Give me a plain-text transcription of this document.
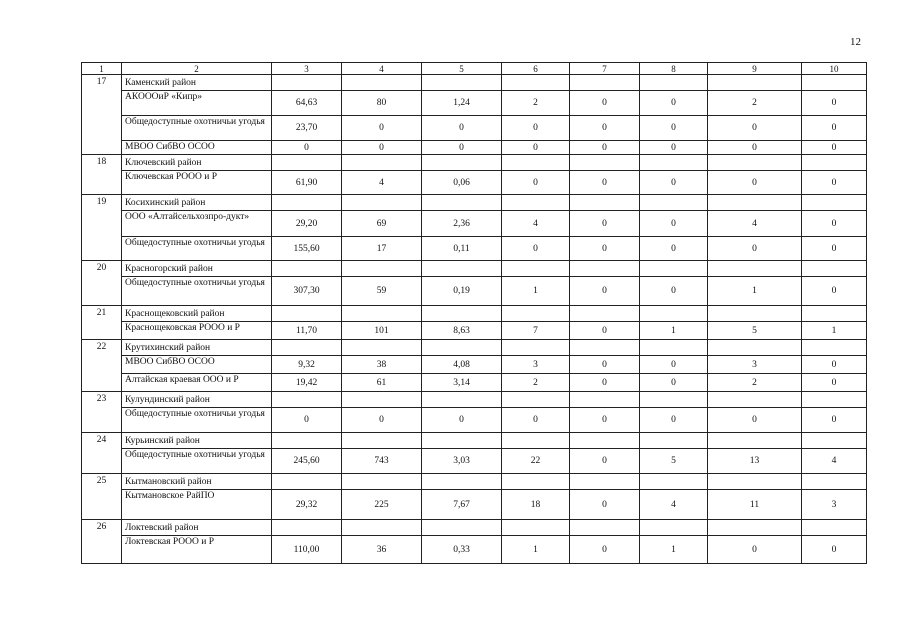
12
1	2	3	4	5	6	7	8	9	10
17	Каменский район								
	АКОООиР «Кипр»	64,63	80	1,24	2	0	0	2	0
	Общедоступные охотничьи угодья	23,70	0	0	0	0	0	0	0
	МВОО СибВО ОСОО	0	0	0	0	0	0	0	0
18	Ключевский район								
	Ключевская РООО и Р	61,90	4	0,06	0	0	0	0	0
19	Косихинский район								
	ООО «Алтайсельхозпро-дукт»	29,20	69	2,36	4	0	0	4	0
	Общедоступные охотничьи угодья	155,60	17	0,11	0	0	0	0	0
20	Красногорский район								
	Общедоступные охотничьи угодья	307,30	59	0,19	1	0	0	1	0
21	Краснощековский район								
	Краснощековская РООО и Р	11,70	101	8,63	7	0	1	5	1
22	Крутихинский район								
	МВОО СибВО ОСОО	9,32	38	4,08	3	0	0	3	0
	Алтайская краевая ООО и Р	19,42	61	3,14	2	0	0	2	0
23	Кулундинский район								
	Общедоступные охотничьи угодья	0	0	0	0	0	0	0	0
24	Курьинский район								
	Общедоступные охотничьи угодья	245,60	743	3,03	22	0	5	13	4
25	Кытмановский район								
	Кытмановское РайПО	29,32	225	7,67	18	0	4	11	3
26	Локтевский район								
	Локтевская РООО и Р	110,00	36	0,33	1	0	1	0	0
